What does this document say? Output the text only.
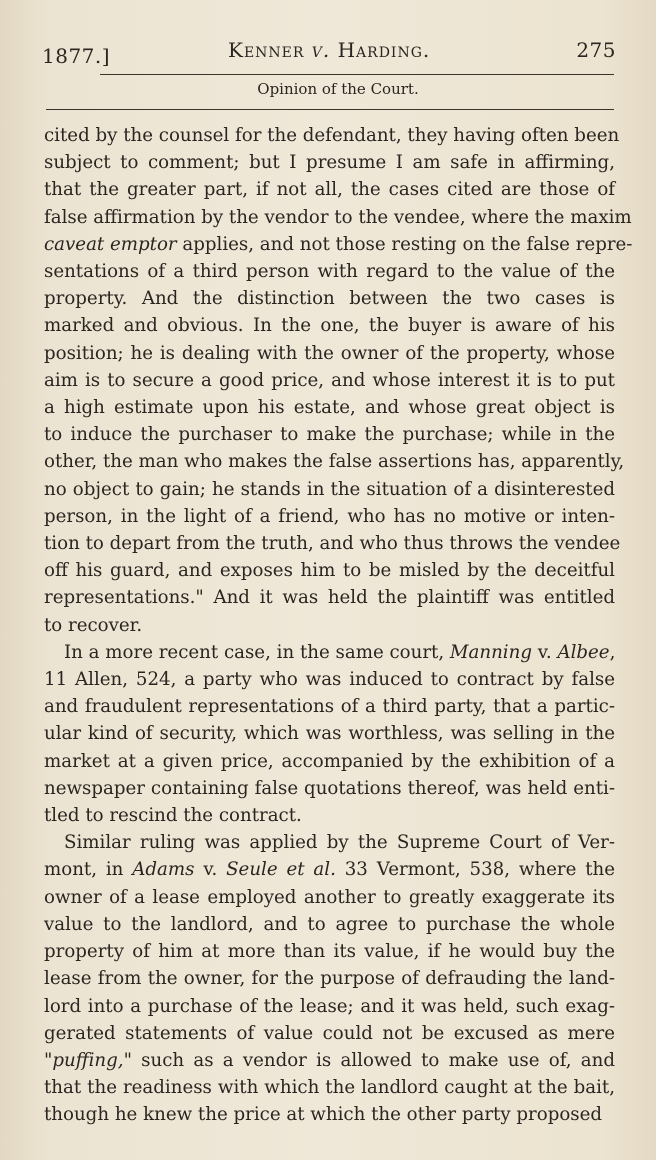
1877.]	Kenner v. Harding.	275
Opinion of the Court.
cited by the counsel for the defendant, they having often been
subject to comment; but I presume I am safe in affirming,
that the greater part, if not all, the cases cited are those of
false affirmation by the vendor to the vendee, where the maxim
caveat emptor applies, and not those resting on the false repre-
sentations of a third person with regard to the value of the
property. And the distinction between the two cases is
marked and obvious. In the one, the buyer is aware of his
position; he is dealing with the owner of the property, whose
aim is to secure a good price, and whose interest it is to put
a high estimate upon his estate, and whose great object is
to induce the purchaser to make the purchase; while in the
other, the man who makes the false assertions has, apparently,
no object to gain; he stands in the situation of a disinterested
person, in the light of a friend, who has no motive or inten-
tion to depart from the truth, and who thus throws the vendee
off his guard, and exposes him to be misled by the deceitful
representations." And it was held the plaintiff was entitled
to recover.
In a more recent case, in the same court, Manning v. Albee,
11 Allen, 524, a party who was induced to contract by false
and fraudulent representations of a third party, that a partic-
ular kind of security, which was worthless, was selling in the
market at a given price, accompanied by the exhibition of a
newspaper containing false quotations thereof, was held enti-
tled to rescind the contract.
Similar ruling was applied by the Supreme Court of Ver-
mont, in Adams v. Seule et al. 33 Vermont, 538, where the
owner of a lease employed another to greatly exaggerate its
value to the landlord, and to agree to purchase the whole
property of him at more than its value, if he would buy the
lease from the owner, for the purpose of defrauding the land-
lord into a purchase of the lease; and it was held, such exag-
gerated statements of value could not be excused as mere
"puffing," such as a vendor is allowed to make use of, and
that the readiness with which the landlord caught at the bait,
though he knew the price at which the other party proposed
